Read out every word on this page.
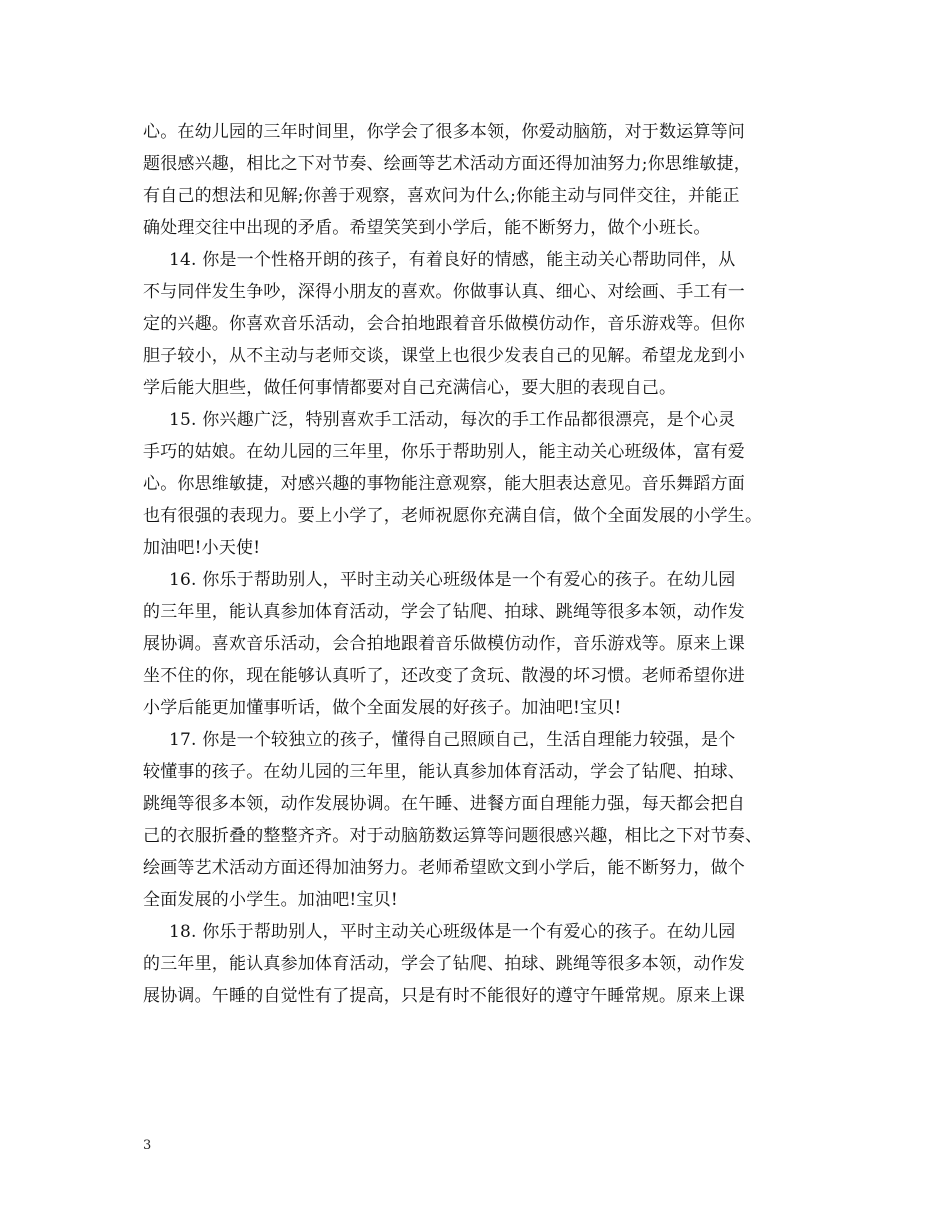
心。在幼儿园的三年时间里，你学会了很多本领，你爱动脑筋，对于数运算等问
题很感兴趣，相比之下对节奏、绘画等艺术活动方面还得加油努力;你思维敏捷，
有自己的想法和见解;你善于观察，喜欢问为什么;你能主动与同伴交往，并能正
确处理交往中出现的矛盾。希望笑笑到小学后，能不断努力，做个小班长。

14. 你是一个性格开朗的孩子，有着良好的情感，能主动关心帮助同伴，从
不与同伴发生争吵，深得小朋友的喜欢。你做事认真、细心、对绘画、手工有一
定的兴趣。你喜欢音乐活动，会合拍地跟着音乐做模仿动作，音乐游戏等。但你
胆子较小，从不主动与老师交谈，课堂上也很少发表自己的见解。希望龙龙到小
学后能大胆些，做任何事情都要对自己充满信心，要大胆的表现自己。

15. 你兴趣广泛，特别喜欢手工活动，每次的手工作品都很漂亮，是个心灵
手巧的姑娘。在幼儿园的三年里，你乐于帮助别人，能主动关心班级体，富有爱
心。你思维敏捷，对感兴趣的事物能注意观察，能大胆表达意见。音乐舞蹈方面
也有很强的表现力。要上小学了，老师祝愿你充满自信，做个全面发展的小学生。
加油吧!小天使!

16. 你乐于帮助别人，平时主动关心班级体是一个有爱心的孩子。在幼儿园
的三年里，能认真参加体育活动，学会了钻爬、拍球、跳绳等很多本领，动作发
展协调。喜欢音乐活动，会合拍地跟着音乐做模仿动作，音乐游戏等。原来上课
坐不住的你，现在能够认真听了，还改变了贪玩、散漫的坏习惯。老师希望你进
小学后能更加懂事听话，做个全面发展的好孩子。加油吧!宝贝!

17. 你是一个较独立的孩子，懂得自己照顾自己，生活自理能力较强，是个
较懂事的孩子。在幼儿园的三年里，能认真参加体育活动，学会了钻爬、拍球、
跳绳等很多本领，动作发展协调。在午睡、进餐方面自理能力强，每天都会把自
己的衣服折叠的整整齐齐。对于动脑筋数运算等问题很感兴趣，相比之下对节奏、
绘画等艺术活动方面还得加油努力。老师希望欧文到小学后，能不断努力，做个
全面发展的小学生。加油吧!宝贝!

18. 你乐于帮助别人，平时主动关心班级体是一个有爱心的孩子。在幼儿园
的三年里，能认真参加体育活动，学会了钻爬、拍球、跳绳等很多本领，动作发
展协调。午睡的自觉性有了提高，只是有时不能很好的遵守午睡常规。原来上课

3
